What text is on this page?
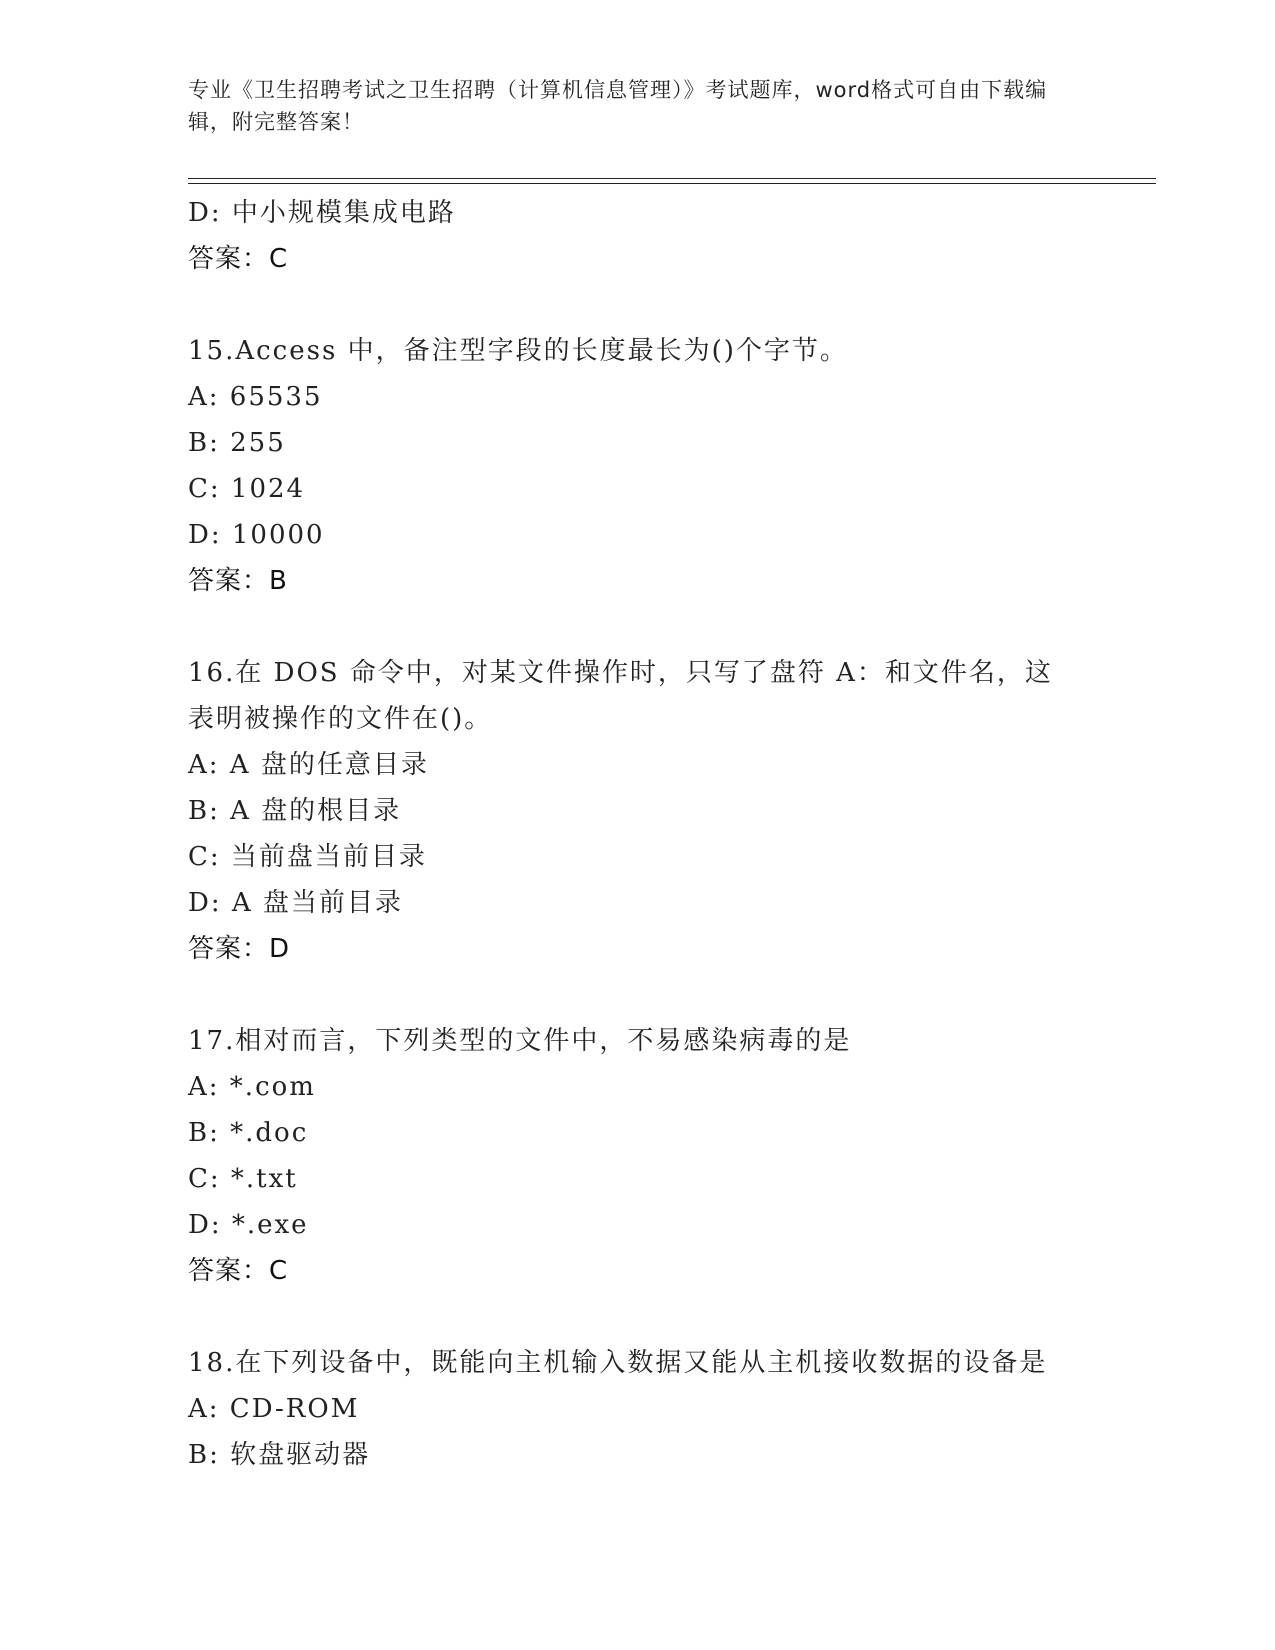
专业《卫生招聘考试之卫生招聘（计算机信息管理）》考试题库，word格式可自由下载编辑，附完整答案！
D: 中小规模集成电路
答案：C
15.Access 中，备注型字段的长度最长为()个字节。
A: 65535
B: 255
C: 1024
D: 10000
答案：B
16.在 DOS 命令中，对某文件操作时，只写了盘符 A：和文件名，这表明被操作的文件在()。
A: A 盘的任意目录
B: A 盘的根目录
C: 当前盘当前目录
D: A 盘当前目录
答案：D
17.相对而言，下列类型的文件中，不易感染病毒的是
A: *.com
B: *.doc
C: *.txt
D: *.exe
答案：C
18.在下列设备中，既能向主机输入数据又能从主机接收数据的设备是
A: CD-ROM
B: 软盘驱动器
